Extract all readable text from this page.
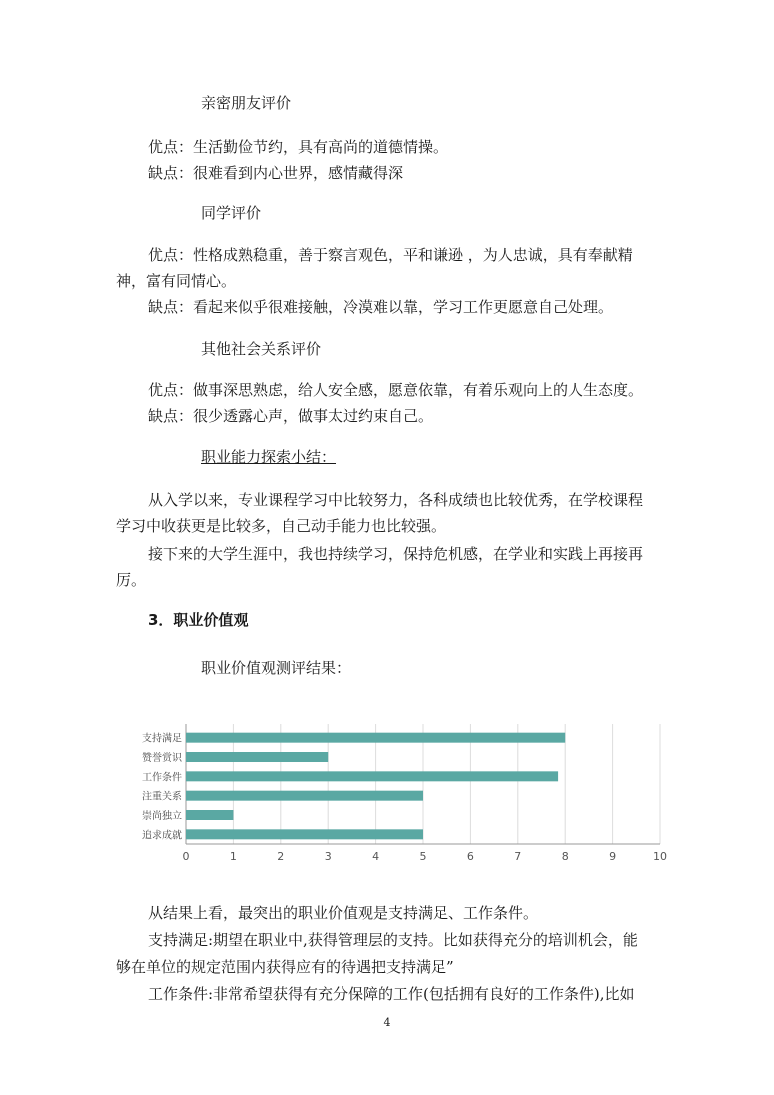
亲密朋友评价
优点：生活勤俭节约，具有高尚的道德情操。
缺点：很难看到内心世界，感情藏得深
同学评价
优点：性格成熟稳重，善于察言观色，平和谦逊 ，为人忠诚，具有奉献精
神，富有同情心。
缺点：看起来似乎很难接触，冷漠难以靠，学习工作更愿意自己处理。
其他社会关系评价
优点：做事深思熟虑，给人安全感，愿意依靠，有着乐观向上的人生态度。
缺点：很少透露心声，做事太过约束自己。
职业能力探索小结：
从入学以来，专业课程学习中比较努力，各科成绩也比较优秀，在学校课程
学习中收获更是比较多，自己动手能力也比较强。
接下来的大学生涯中，我也持续学习，保持危机感，在学业和实践上再接再
厉。
3．职业价值观
职业价值观测评结果：
0	1	2	3	4	5	6	7	8	9	10
支持满足
赞誉赏识
工作条件
注重关系
崇尚独立
追求成就
从结果上看，最突出的职业价值观是支持满足、工作条件。
支持满足:期望在职业中,获得管理层的支持。比如获得充分的培训机会，能
够在单位的规定范围内获得应有的待遇把支持满足”
工作条件:非常希望获得有充分保障的工作(包括拥有良好的工作条件),比如
4
